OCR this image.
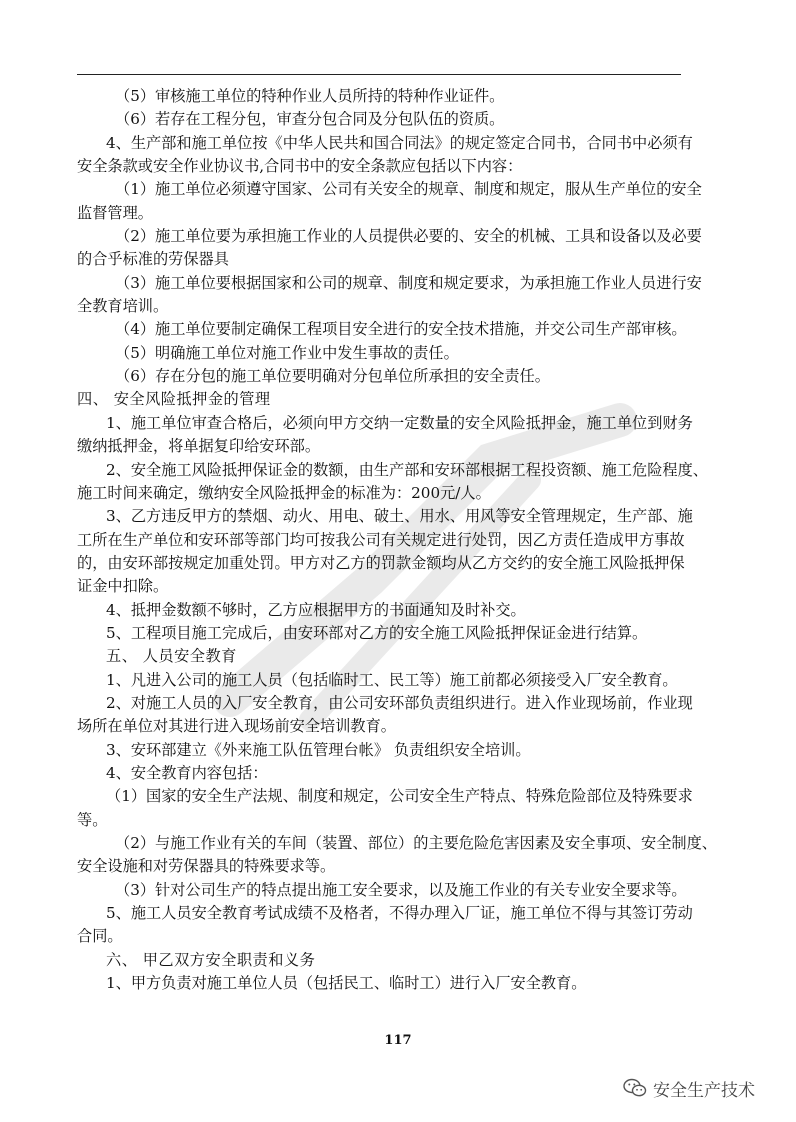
（5）审核施工单位的特种作业人员所持的特种作业证件。

（6）若存在工程分包，审查分包合同及分包队伍的资质。

4、生产部和施工单位按《中华人民共和国合同法》的规定签定合同书，合同书中必须有

安全条款或安全作业协议书,合同书中的安全条款应包括以下内容：

（1）施工单位必须遵守国家、公司有关安全的规章、制度和规定，服从生产单位的安全

监督管理。

（2）施工单位要为承担施工作业的人员提供必要的、安全的机械、工具和设备以及必要

的合乎标准的劳保器具

（3）施工单位要根据国家和公司的规章、制度和规定要求，为承担施工作业人员进行安

全教育培训。

（4）施工单位要制定确保工程项目安全进行的安全技术措施，并交公司生产部审核。

（5）明确施工单位对施工作业中发生事故的责任。

（6）存在分包的施工单位要明确对分包单位所承担的安全责任。

四、 安全风险抵押金的管理

1、施工单位审查合格后，必须向甲方交纳一定数量的安全风险抵押金，施工单位到财务

缴纳抵押金，将单据复印给安环部。

2、安全施工风险抵押保证金的数额，由生产部和安环部根据工程投资额、施工危险程度、

施工时间来确定，缴纳安全风险抵押金的标准为：200元/人。

3、乙方违反甲方的禁烟、动火、用电、破土、用水、用风等安全管理规定，生产部、施

工所在生产单位和安环部等部门均可按我公司有关规定进行处罚，因乙方责任造成甲方事故

的，由安环部按规定加重处罚。甲方对乙方的罚款金额均从乙方交约的安全施工风险抵押保

证金中扣除。

4、抵押金数额不够时，乙方应根据甲方的书面通知及时补交。

5、工程项目施工完成后，由安环部对乙方的安全施工风险抵押保证金进行结算。

五、 人员安全教育

1、凡进入公司的施工人员（包括临时工、民工等）施工前都必须接受入厂安全教育。

2、对施工人员的入厂安全教育，由公司安环部负责组织进行。进入作业现场前，作业现

场所在单位对其进行进入现场前安全培训教育。

3、安环部建立《外来施工队伍管理台帐》 负责组织安全培训。

4、安全教育内容包括：

（1）国家的安全生产法规、制度和规定，公司安全生产特点、特殊危险部位及特殊要求

等。

（2）与施工作业有关的车间（装置、部位）的主要危险危害因素及安全事项、安全制度、

安全设施和对劳保器具的特殊要求等。

（3）针对公司生产的特点提出施工安全要求，以及施工作业的有关专业安全要求等。

5、施工人员安全教育考试成绩不及格者，不得办理入厂证，施工单位不得与其签订劳动

合同。

六、 甲乙双方安全职责和义务

1、甲方负责对施工单位人员（包括民工、临时工）进行入厂安全教育。

117
安全生产技术
